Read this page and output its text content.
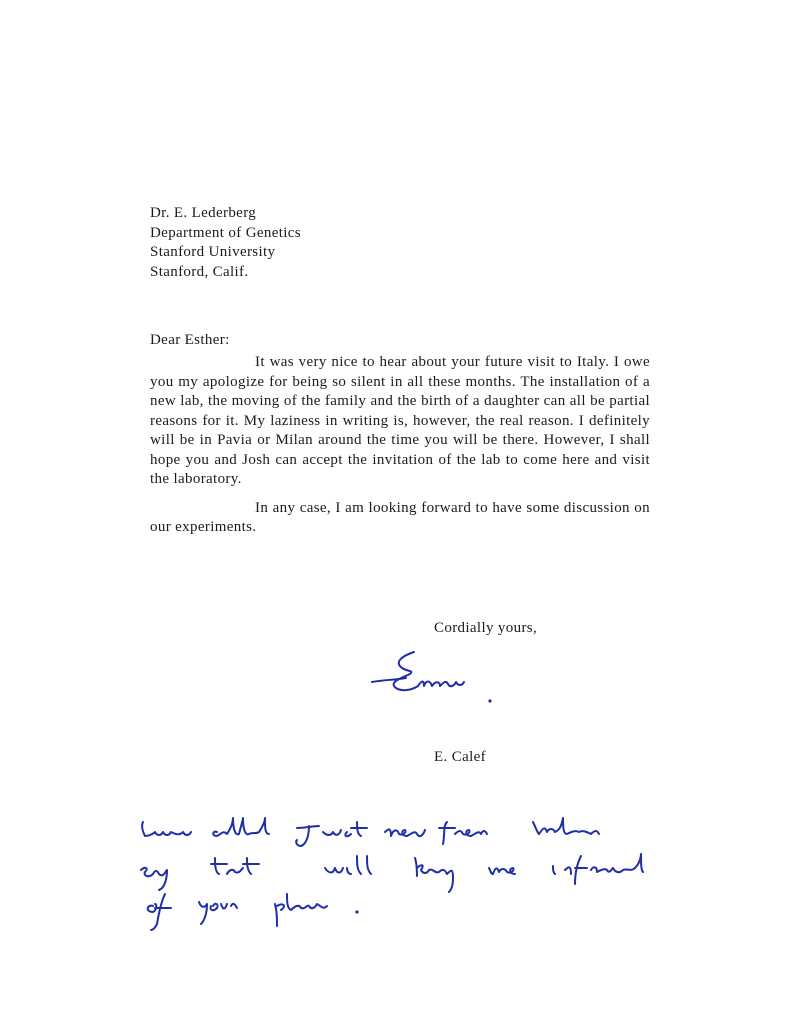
Dr. E. Lederberg
Department of Genetics
Stanford University
Stanford, Calif.
Dear Esther:

It was very nice to hear about your future visit to Italy. I owe you my apologize for being so silent in all these months. The installation of a new lab, the moving of the family and the birth of a daughter can all be partial reasons for it. My laziness in writing is, however, the real reason. I definitely will be in Pavia or Milan around the time you will be there. However, I shall hope you and Josh can accept the invitation of the lab to come here and visit the laboratory.

In any case, I am looking forward to have some discussion on our experiments.

Cordially yours,
E. Calef
